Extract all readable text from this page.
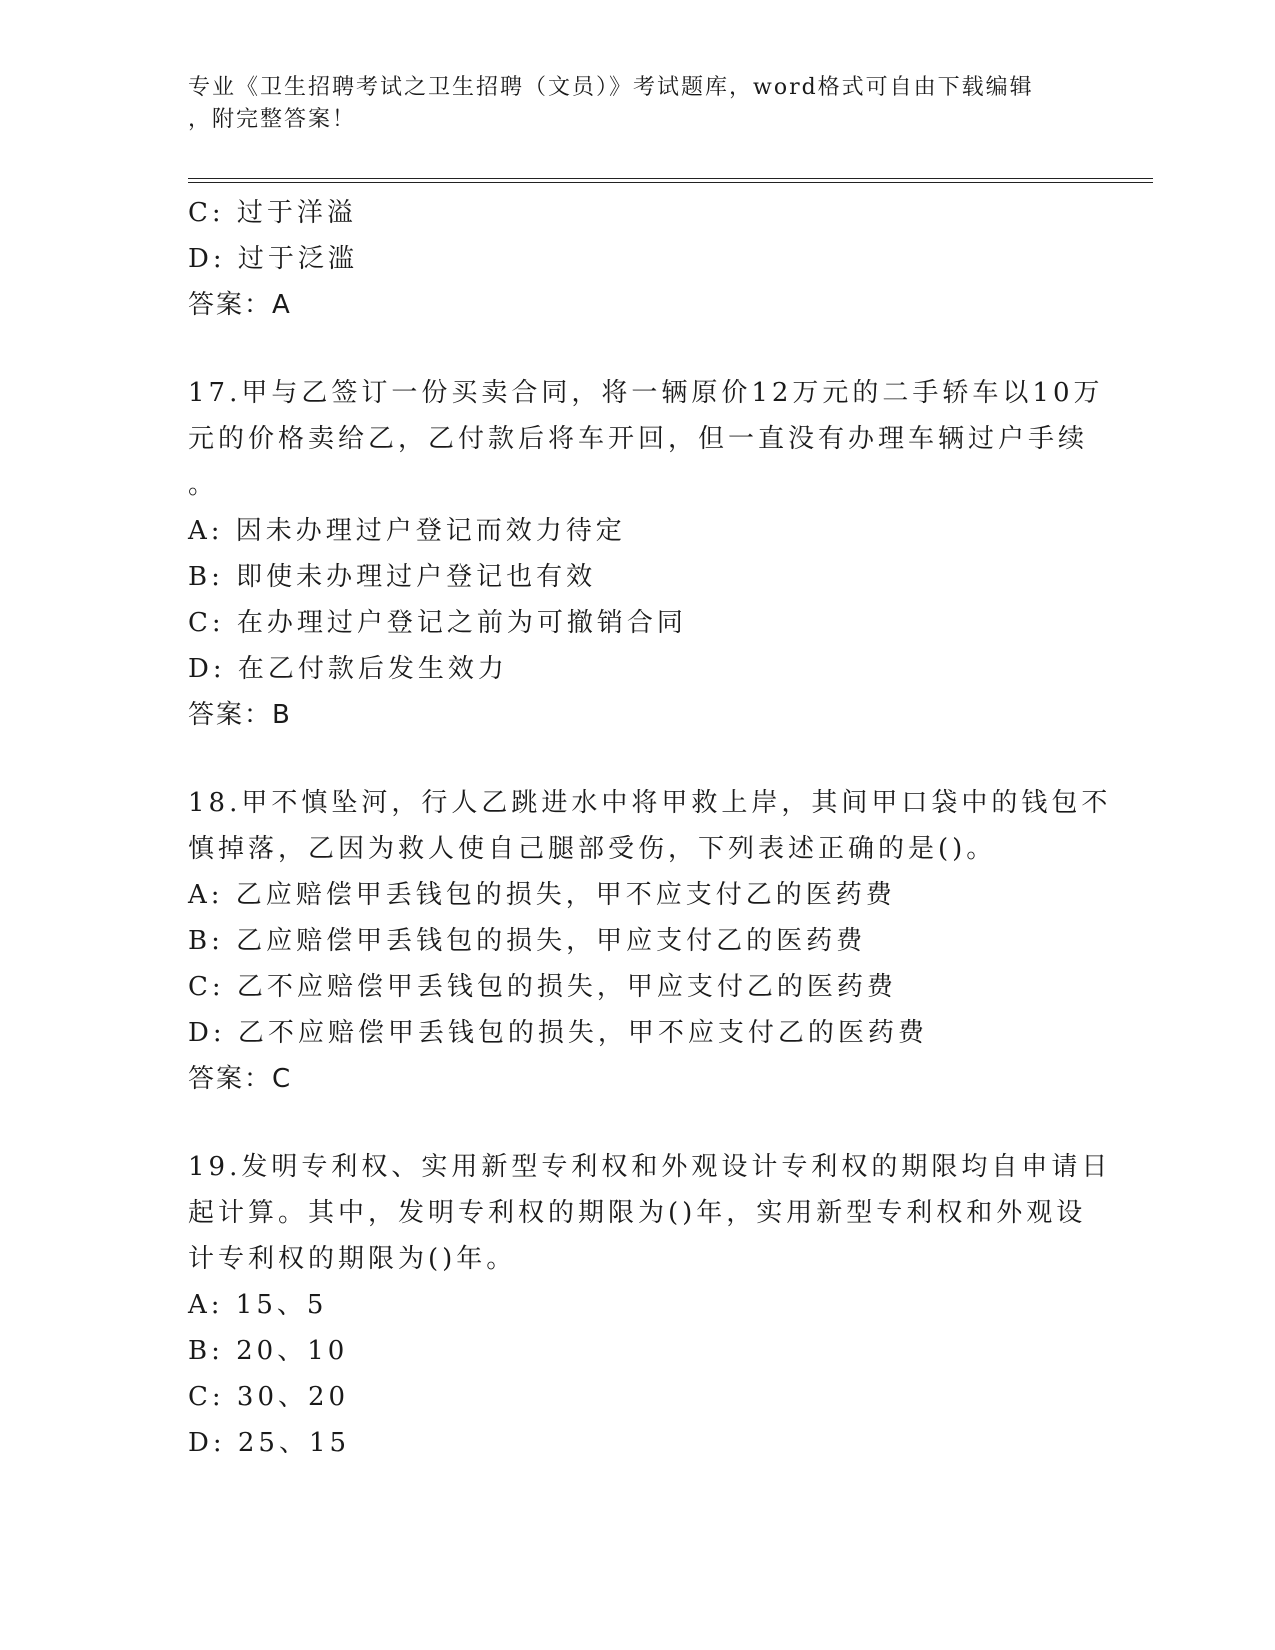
专业《卫生招聘考试之卫生招聘（文员）》考试题库，word格式可自由下载编辑
，附完整答案！
C: 过于洋溢
D: 过于泛滥
答案：A
17.甲与乙签订一份买卖合同，将一辆原价12万元的二手轿车以10万
元的价格卖给乙，乙付款后将车开回，但一直没有办理车辆过户手续
。
A: 因未办理过户登记而效力待定
B: 即使未办理过户登记也有效
C: 在办理过户登记之前为可撤销合同
D: 在乙付款后发生效力
答案：B
18.甲不慎坠河，行人乙跳进水中将甲救上岸，其间甲口袋中的钱包不
慎掉落，乙因为救人使自己腿部受伤，下列表述正确的是()。
A: 乙应赔偿甲丢钱包的损失，甲不应支付乙的医药费
B: 乙应赔偿甲丢钱包的损失，甲应支付乙的医药费
C: 乙不应赔偿甲丢钱包的损失，甲应支付乙的医药费
D: 乙不应赔偿甲丢钱包的损失，甲不应支付乙的医药费
答案：C
19.发明专利权、实用新型专利权和外观设计专利权的期限均自申请日
起计算。其中，发明专利权的期限为()年，实用新型专利权和外观设
计专利权的期限为()年。
A: 15、5
B: 20、10
C: 30、20
D: 25、15
